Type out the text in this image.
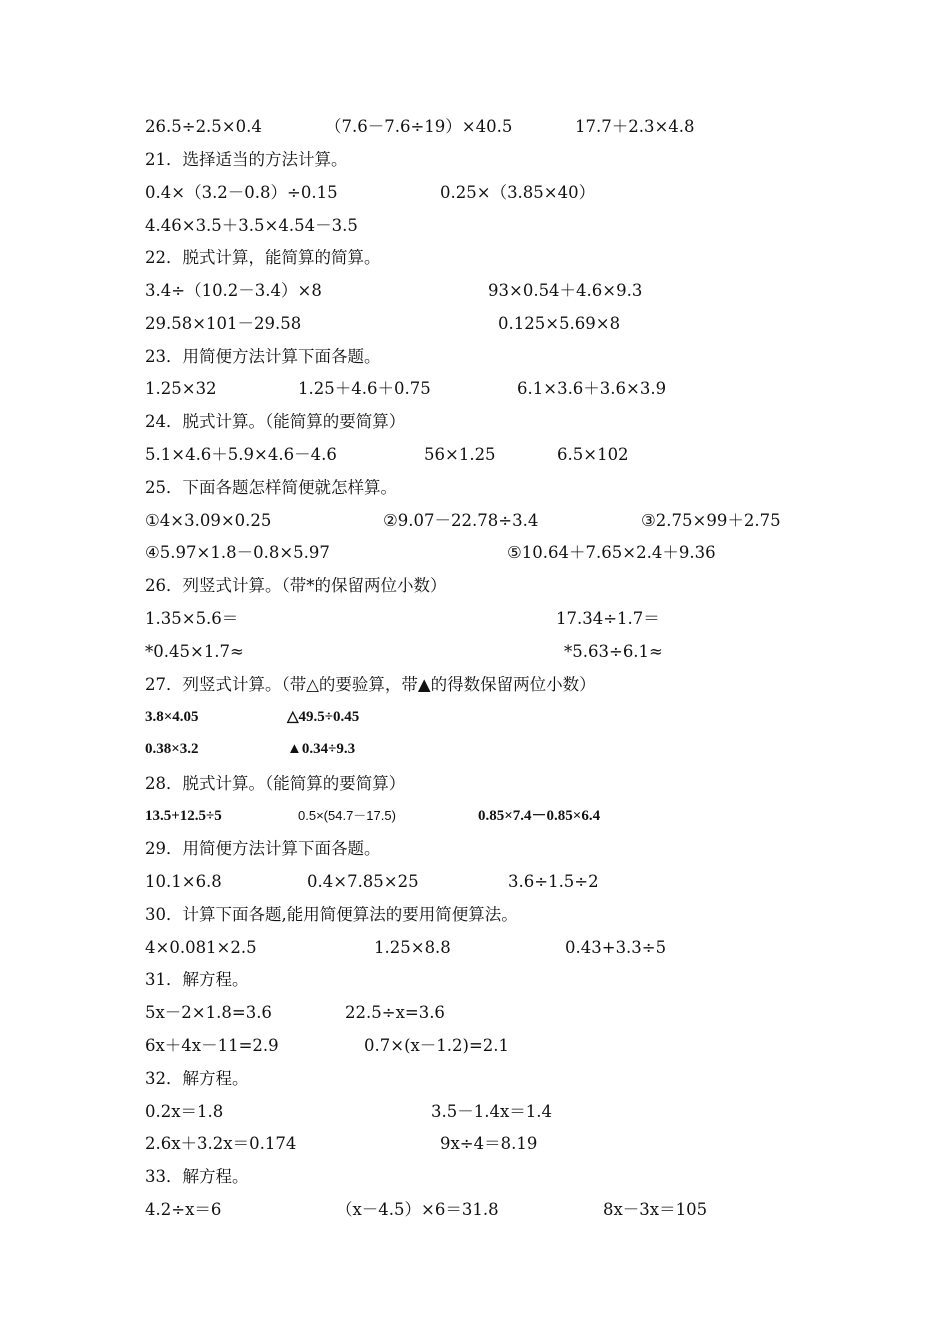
26.5÷2.5×0.4	（7.6－7.6÷19）×40.5	17.7＋2.3×4.8
21．选择适当的方法计算。
0.4×（3.2－0.8）÷0.15	0.25×（3.85×40）
4.46×3.5＋3.5×4.54－3.5
22．脱式计算，能简算的简算。
3.4÷（10.2－3.4）×8	93×0.54＋4.6×9.3
29.58×101－29.58	0.125×5.69×8
23．用简便方法计算下面各题。
1.25×32	1.25＋4.6＋0.75	6.1×3.6＋3.6×3.9
24．脱式计算。（能简算的要简算）
5.1×4.6＋5.9×4.6－4.6	56×1.25	6.5×102
25．下面各题怎样简便就怎样算。
①4×3.09×0.25	②9.07－22.78÷3.4	③2.75×99＋2.75
④5.97×1.8－0.8×5.97	⑤10.64＋7.65×2.4＋9.36
26．列竖式计算。（带*的保留两位小数）
1.35×5.6＝	17.34÷1.7＝
*0.45×1.7≈	*5.63÷6.1≈
27．列竖式计算。（带△的要验算，带▲的得数保留两位小数）
3.8×4.05	△49.5÷0.45
0.38×3.2	▲0.34÷9.3
28．脱式计算。（能简算的要简算）
13.5+12.5÷5	0.5×(54.7－17.5)	0.85×7.4－0.85×6.4
29．用简便方法计算下面各题。
10.1×6.8	0.4×7.85×25	3.6÷1.5÷2
30．计算下面各题,能用简便算法的要用简便算法。
4×0.081×2.5	1.25×8.8	0.43+3.3÷5
31．解方程。
5x－2×1.8=3.6	22.5÷x=3.6
6x＋4x－11=2.9	0.7×(x－1.2)=2.1
32．解方程。
0.2x＝1.8	3.5－1.4x＝1.4
2.6x＋3.2x＝0.174	9x÷4＝8.19
33．解方程。
4.2÷x＝6	（x－4.5）×6＝31.8	8x－3x＝105
